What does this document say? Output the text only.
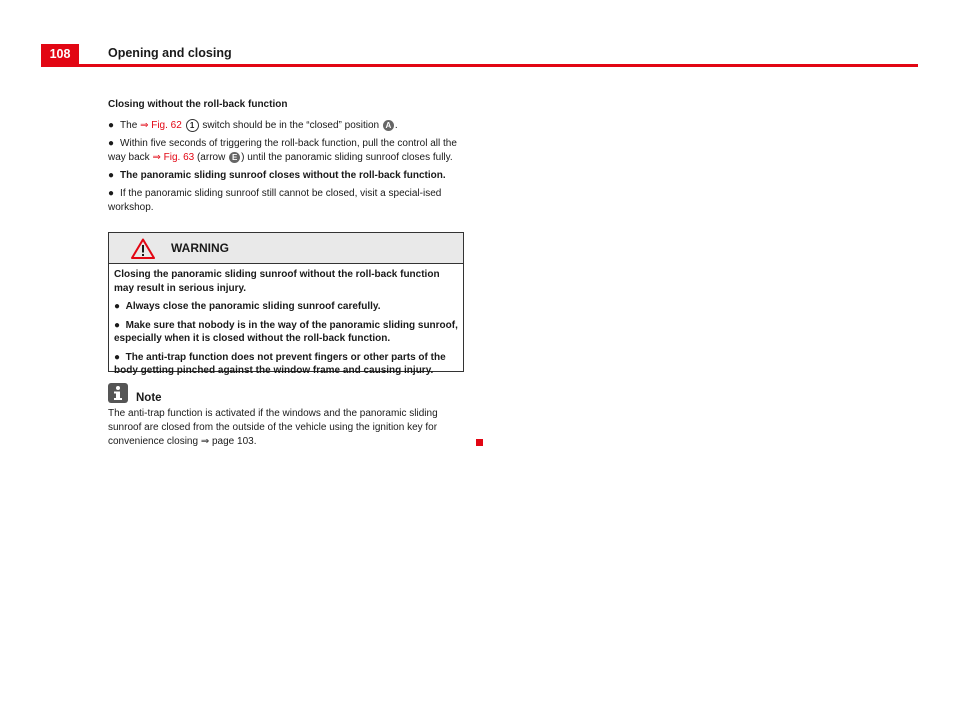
108	Opening and closing

Closing without the roll-back function

● The ⇒ Fig. 62 1 switch should be in the “closed” position A .

● Within five seconds of triggering the roll-back function, pull the control all the way back ⇒ Fig. 63 (arrow E ) until the panoramic sliding sunroof closes fully.

● The panoramic sliding sunroof closes without the roll-back function.

● If the panoramic sliding sunroof still cannot be closed, visit a special-ised workshop.

WARNING

Closing the panoramic sliding sunroof without the roll-back function may result in serious injury.

● Always close the panoramic sliding sunroof carefully.

● Make sure that nobody is in the way of the panoramic sliding sunroof, especially when it is closed without the roll-back function.

● The anti-trap function does not prevent fingers or other parts of the body getting pinched against the window frame and causing injury.

Note

The anti-trap function is activated if the windows and the panoramic sliding sunroof are closed from the outside of the vehicle using the ignition key for convenience closing ⇒ page 103.
